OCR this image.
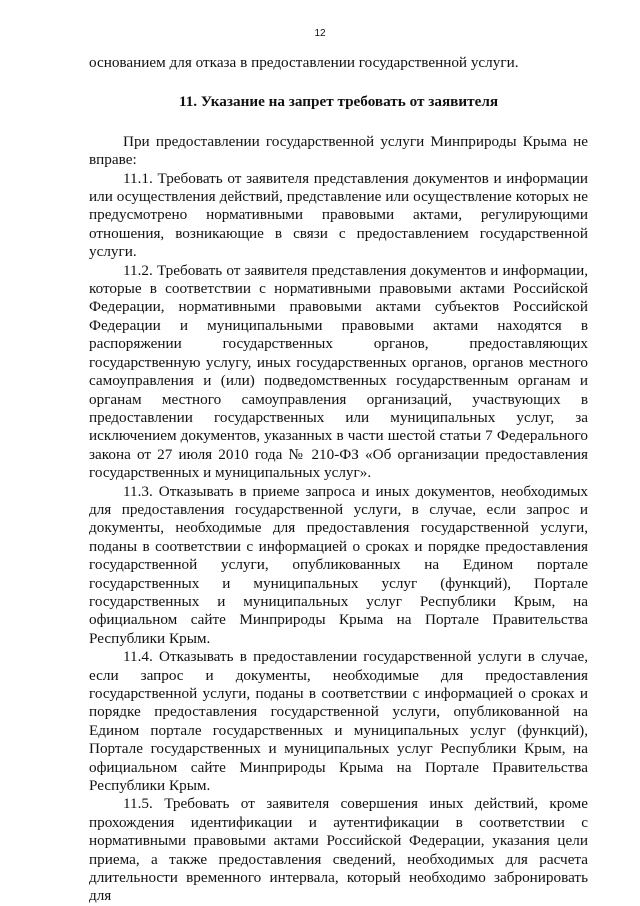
12

основанием для отказа в предоставлении государственной услуги.

11. Указание на запрет требовать от заявителя

При предоставлении государственной услуги Минприроды Крыма не вправе:

11.1. Требовать от заявителя представления документов и информации или осуществления действий, представление или осуществление которых не предусмотрено нормативными правовыми актами, регулирующими отношения, возникающие в связи с предоставлением государственной услуги.

11.2. Требовать от заявителя представления документов и информации, которые в соответствии с нормативными правовыми актами Российской Федерации, нормативными правовыми актами субъектов Российской Федерации и муниципальными правовыми актами находятся в распоряжении государственных органов, предоставляющих государственную услугу, иных государственных органов, органов местного самоуправления и (или) подведомственных государственным органам и органам местного самоуправления организаций, участвующих в предоставлении государственных или муниципальных услуг, за исключением документов, указанных в части шестой статьи 7 Федерального закона от 27 июля 2010 года № 210-ФЗ «Об организации предоставления государственных и муниципальных услуг».

11.3. Отказывать в приеме запроса и иных документов, необходимых для предоставления государственной услуги, в случае, если запрос и документы, необходимые для предоставления государственной услуги, поданы в соответствии с информацией о сроках и порядке предоставления государственной услуги, опубликованных на Едином портале государственных и муниципальных услуг (функций), Портале государственных и муниципальных услуг Республики Крым, на официальном сайте Минприроды Крыма на Портале Правительства Республики Крым.

11.4. Отказывать в предоставлении государственной услуги в случае, если запрос и документы, необходимые для предоставления государственной услуги, поданы в соответствии с информацией о сроках и порядке предоставления государственной услуги, опубликованной на Едином портале государственных и муниципальных услуг (функций), Портале государственных и муниципальных услуг Республики Крым, на официальном сайте Минприроды Крыма на Портале Правительства Республики Крым.

11.5. Требовать от заявителя совершения иных действий, кроме прохождения идентификации и аутентификации в соответствии с нормативными правовыми актами Российской Федерации, указания цели приема, а также предоставления сведений, необходимых для расчета длительности временного интервала, который необходимо забронировать для
